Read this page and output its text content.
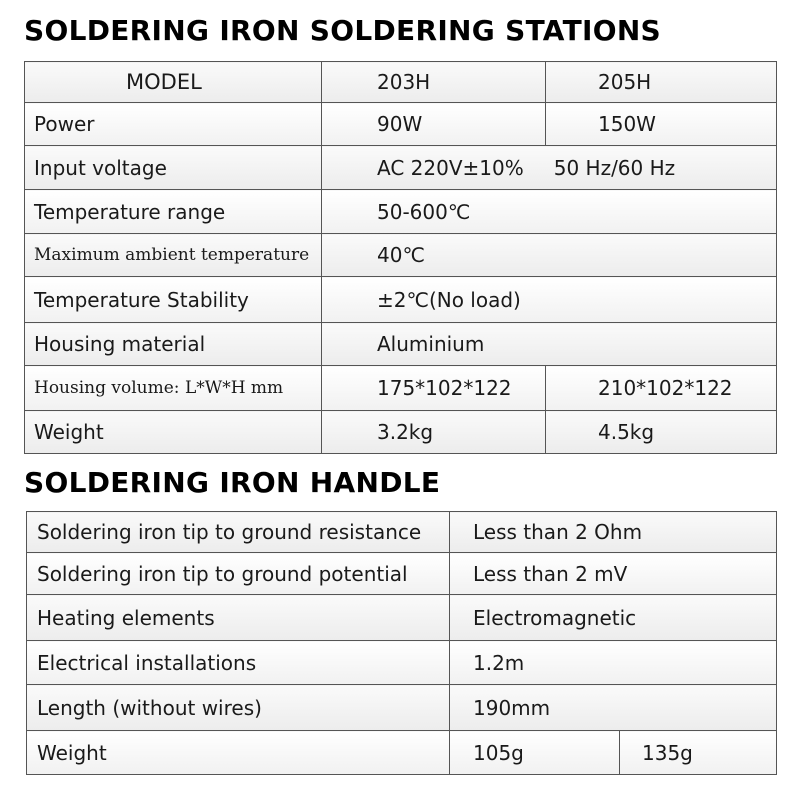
SOLDERING IRON SOLDERING STATIONS
MODEL	203H	205H
Power	90W	150W
Input voltage	AC 220V±10% 50 Hz/60 Hz	
Temperature range	50-600℃	
Maximum ambient temperature	40℃	
Temperature Stability	±2℃(No load)	
Housing material	Aluminium	
Housing volume: L*W*H mm	175*102*122	210*102*122
Weight	3.2kg	4.5kg
SOLDERING IRON HANDLE
Soldering iron tip to ground resistance	Less than 2 Ohm	
Soldering iron tip to ground potential	Less than 2 mV	
Heating elements	Electromagnetic	
Electrical installations	1.2m	
Length (without wires)	190mm	
Weight	105g	135g
